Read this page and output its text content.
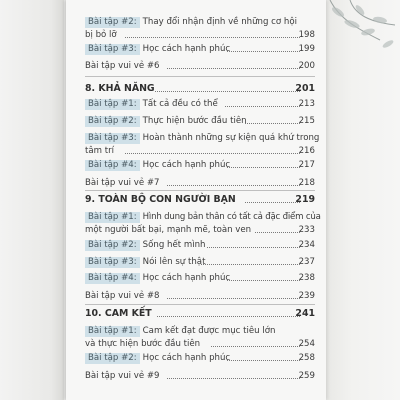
Bài tập #2: Thay đổi nhận định về những cơ hội
bị bỏ lỡ	198
Bài tập #3: Học cách hạnh phúc	199
Bài tập vui vẻ #6	200
8. KHẢ NĂNG	201
Bài tập #1: Tất cả đều có thể	213
Bài tập #2: Thực hiện bước đầu tiên	215
Bài tập #3: Hoàn thành những sự kiện quá khứ trong
tâm trí	216
Bài tập #4: Học cách hạnh phúc	217
Bài tập vui vẻ #7	218
9. TOÀN BỘ CON NGƯỜI BẠN	219
Bài tập #1: Hình dung bản thân có tất cả đặc điểm của
một người bất bại, mạnh mẽ, toàn ven	233
Bài tập #2: Sống hết mình	234
Bài tập #3: Nói lên sự thật	237
Bài tập #4: Học cách hạnh phúc	238
Bài tập vui vẻ #8	239
10. CAM KẾT	241
Bài tập #1: Cam kết đạt được mục tiêu lớn
và thực hiện bước đầu tiên	254
Bài tập #2: Học cách hạnh phúc	258
Bài tập vui vẻ #9	259
